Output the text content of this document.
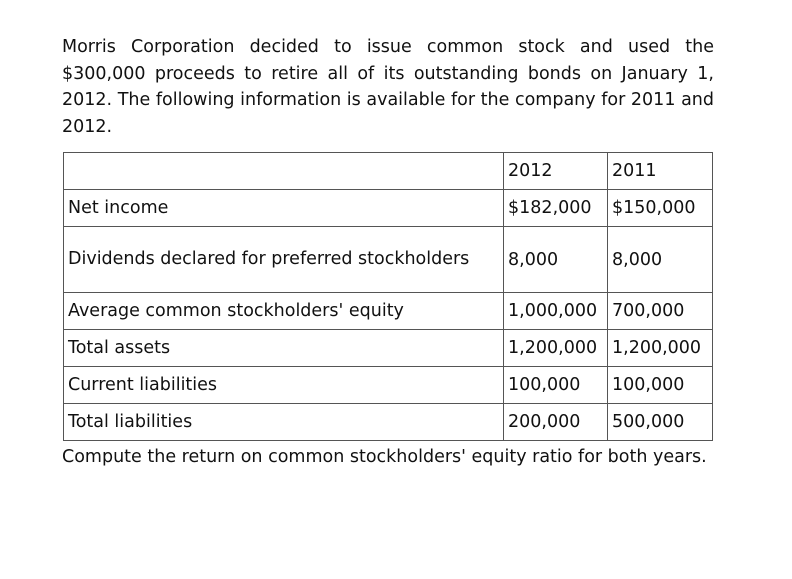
Morris Corporation decided to issue common stock and used the $300,000 proceeds to retire all of its outstanding bonds on January 1, 2012. The following information is available for the company for 2011 and 2012.

	2012	2011
Net income	$182,000	$150,000

Dividends declared for preferred stockholders	8,000	8,000
Average common stockholders' equity	1,000,000	700,000
Total assets	1,200,000	1,200,000
Current liabilities	100,000	100,000
Total liabilities	200,000	500,000

Compute the return on common stockholders' equity ratio for both years.
